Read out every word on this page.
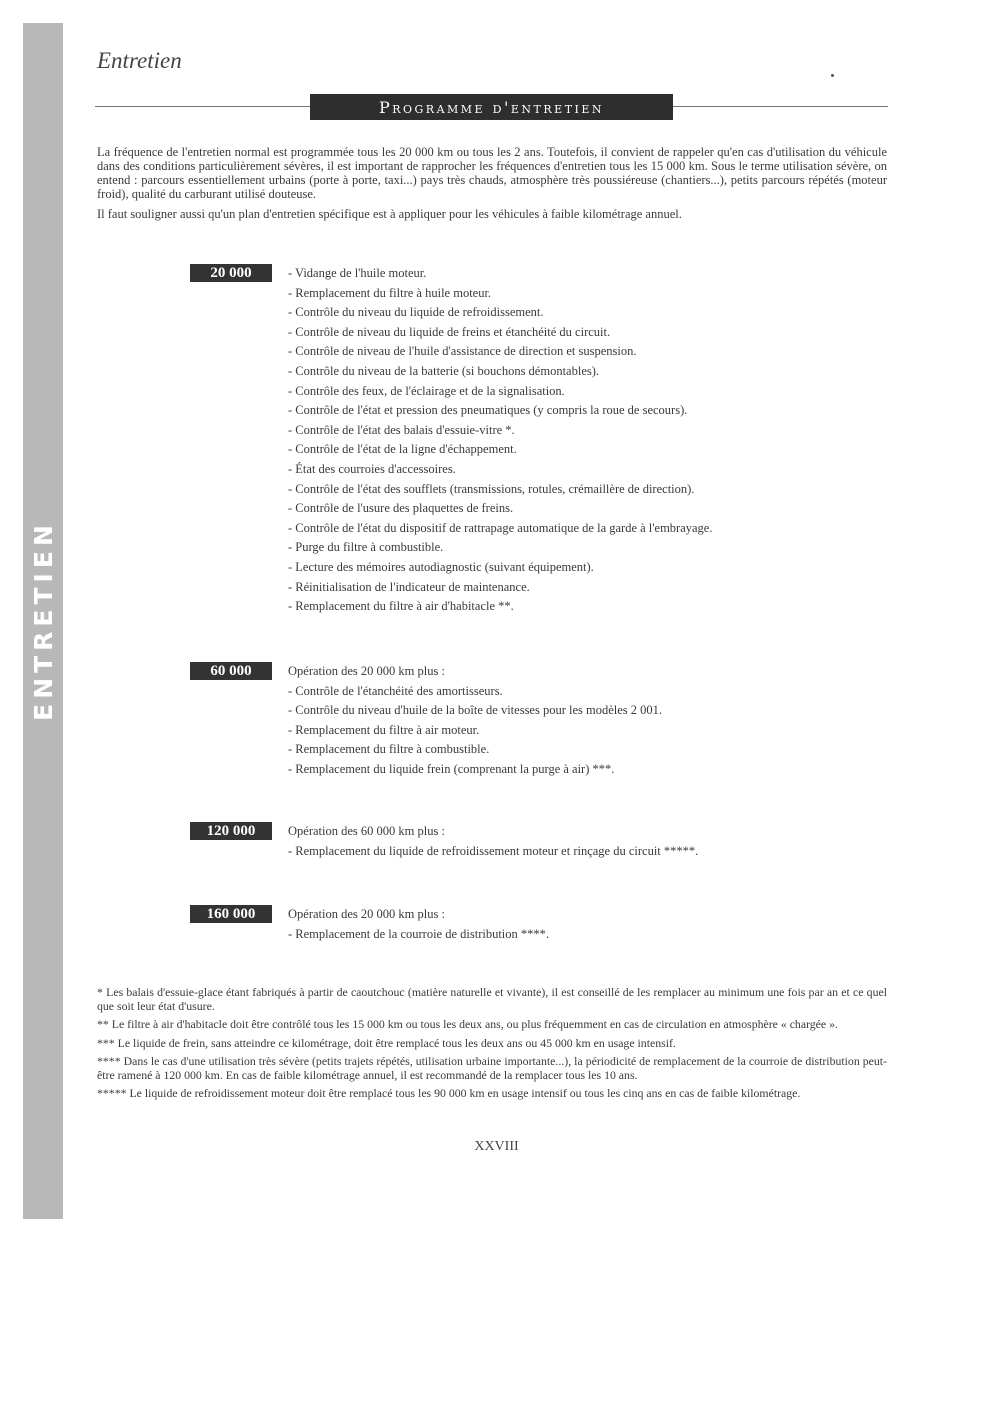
ENTRETIEN
Entretien
Programme d'entretien

La fréquence de l'entretien normal est programmée tous les 20 000 km ou tous les 2 ans. Toutefois, il convient de rappeler qu'en cas d'utilisation du véhicule dans des conditions particulièrement sévères, il est important de rapprocher les fréquences d'entretien tous les 15 000 km. Sous le terme utilisation sévère, on entend : parcours essentiellement urbains (porte à porte, taxi...) pays très chauds, atmosphère très poussiéreuse (chantiers...), petits parcours répétés (moteur froid), qualité du carburant utilisé douteuse.

Il faut souligner aussi qu'un plan d'entretien spécifique est à appliquer pour les véhicules à faible kilométrage annuel.

20 000	- Vidange de l'huile moteur.
- Remplacement du filtre à huile moteur.
- Contrôle du niveau du liquide de refroidissement.
- Contrôle de niveau du liquide de freins et étanchéité du circuit.
- Contrôle de niveau de l'huile d'assistance de direction et suspension.
- Contrôle du niveau de la batterie (si bouchons démontables).
- Contrôle des feux, de l'éclairage et de la signalisation.
- Contrôle de l'état et pression des pneumatiques (y compris la roue de secours).
- Contrôle de l'état des balais d'essuie-vitre *.
- Contrôle de l'état de la ligne d'échappement.
- État des courroies d'accessoires.
- Contrôle de l'état des soufflets (transmissions, rotules, crémaillère de direction).
- Contrôle de l'usure des plaquettes de freins.
- Contrôle de l'état du dispositif de rattrapage automatique de la garde à l'embrayage.
- Purge du filtre à combustible.
- Lecture des mémoires autodiagnostic (suivant équipement).
- Réinitialisation de l'indicateur de maintenance.
- Remplacement du filtre à air d'habitacle **.
60 000	Opération des 20 000 km plus :
- Contrôle de l'étanchéité des amortisseurs.
- Contrôle du niveau d'huile de la boîte de vitesses pour les modèles 2 001.
- Remplacement du filtre à air moteur.
- Remplacement du filtre à combustible.
- Remplacement du liquide frein (comprenant la purge à air) ***.
120 000	Opération des 60 000 km plus :
- Remplacement du liquide de refroidissement moteur et rinçage du circuit *****.
160 000	Opération des 20 000 km plus :
- Remplacement de la courroie de distribution ****.

* Les balais d'essuie-glace étant fabriqués à partir de caoutchouc (matière naturelle et vivante), il est conseillé de les remplacer au minimum une fois par an et ce quel que soit leur état d'usure.

** Le filtre à air d'habitacle doit être contrôlé tous les 15 000 km ou tous les deux ans, ou plus fréquemment en cas de circulation en atmosphère « chargée ».

*** Le liquide de frein, sans atteindre ce kilométrage, doit être remplacé tous les deux ans ou 45 000 km en usage intensif.

**** Dans le cas d'une utilisation très sévère (petits trajets répétés, utilisation urbaine importante...), la périodicité de remplacement de la courroie de distribution peut-être ramené à 120 000 km. En cas de faible kilométrage annuel, il est recommandé de la remplacer tous les 10 ans.

***** Le liquide de refroidissement moteur doit être remplacé tous les 90 000 km en usage intensif ou tous les cinq ans en cas de faible kilométrage.

XXVIII
